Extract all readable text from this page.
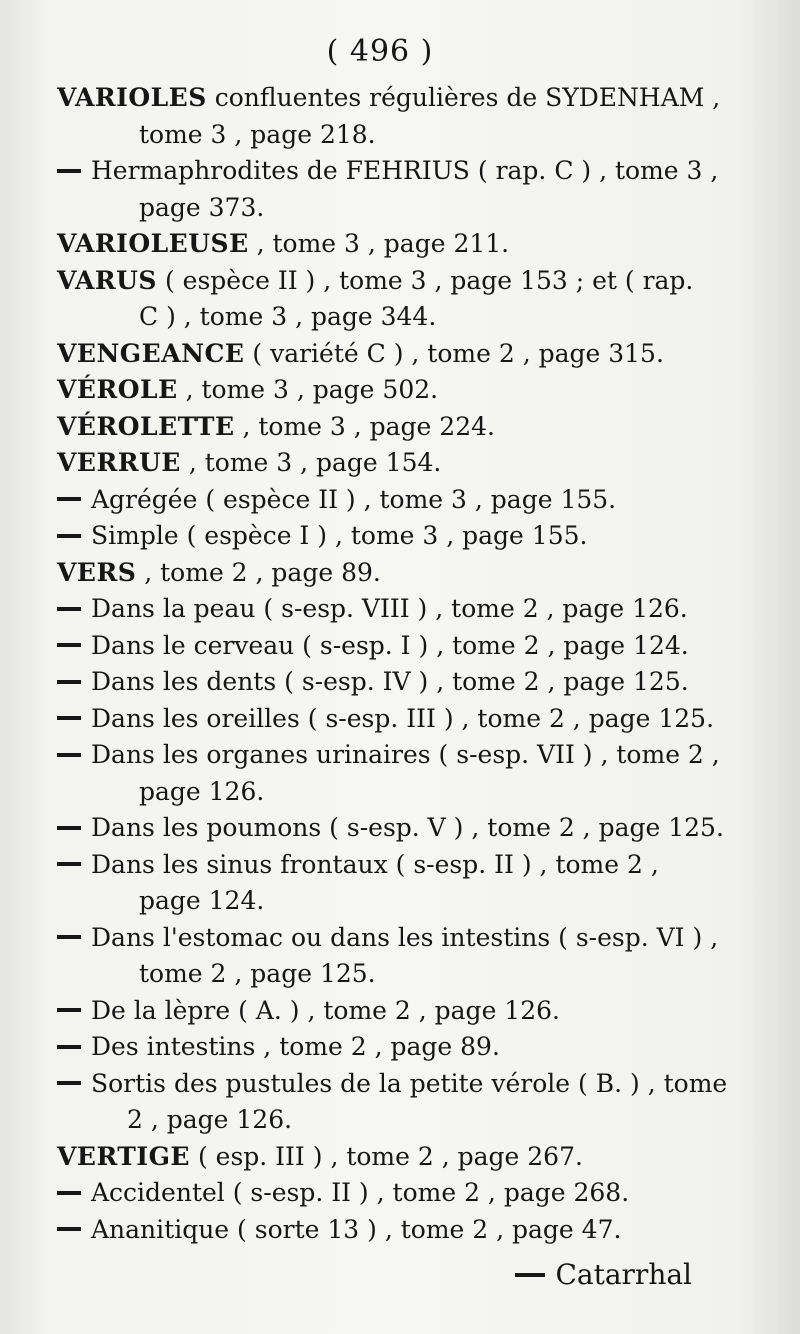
( 496 )
VARIOLES confluentes régulières de SYDENHAM ,
tome 3 , page 218.
Hermaphrodites de FEHRIUS ( rap. C ) , tome 3 ,
page 373.
VARIOLEUSE , tome 3 , page 211.
VARUS ( espèce II ) , tome 3 , page 153 ; et ( rap.
C ) , tome 3 , page 344.
VENGEANCE ( variété C ) , tome 2 , page 315.
VÉROLE , tome 3 , page 502.
VÉROLETTE , tome 3 , page 224.
VERRUE , tome 3 , page 154.
Agrégée ( espèce II ) , tome 3 , page 155.
Simple ( espèce I ) , tome 3 , page 155.
VERS , tome 2 , page 89.
Dans la peau ( s-esp. VIII ) , tome 2 , page 126.
Dans le cerveau ( s-esp. I ) , tome 2 , page 124.
Dans les dents ( s-esp. IV ) , tome 2 , page 125.
Dans les oreilles ( s-esp. III ) , tome 2 , page 125.
Dans les organes urinaires ( s-esp. VII ) , tome 2 ,
page 126.
Dans les poumons ( s-esp. V ) , tome 2 , page 125.
Dans les sinus frontaux ( s-esp. II ) , tome 2 ,
page 124.
Dans l'estomac ou dans les intestins ( s-esp. VI ) ,
tome 2 , page 125.
De la lèpre ( A. ) , tome 2 , page 126.
Des intestins , tome 2 , page 89.
Sortis des pustules de la petite vérole ( B. ) , tome
2 , page 126.
VERTIGE ( esp. III ) , tome 2 , page 267.
Accidentel ( s-esp. II ) , tome 2 , page 268.
Ananitique ( sorte 13 ) , tome 2 , page 47.
Catarrhal
